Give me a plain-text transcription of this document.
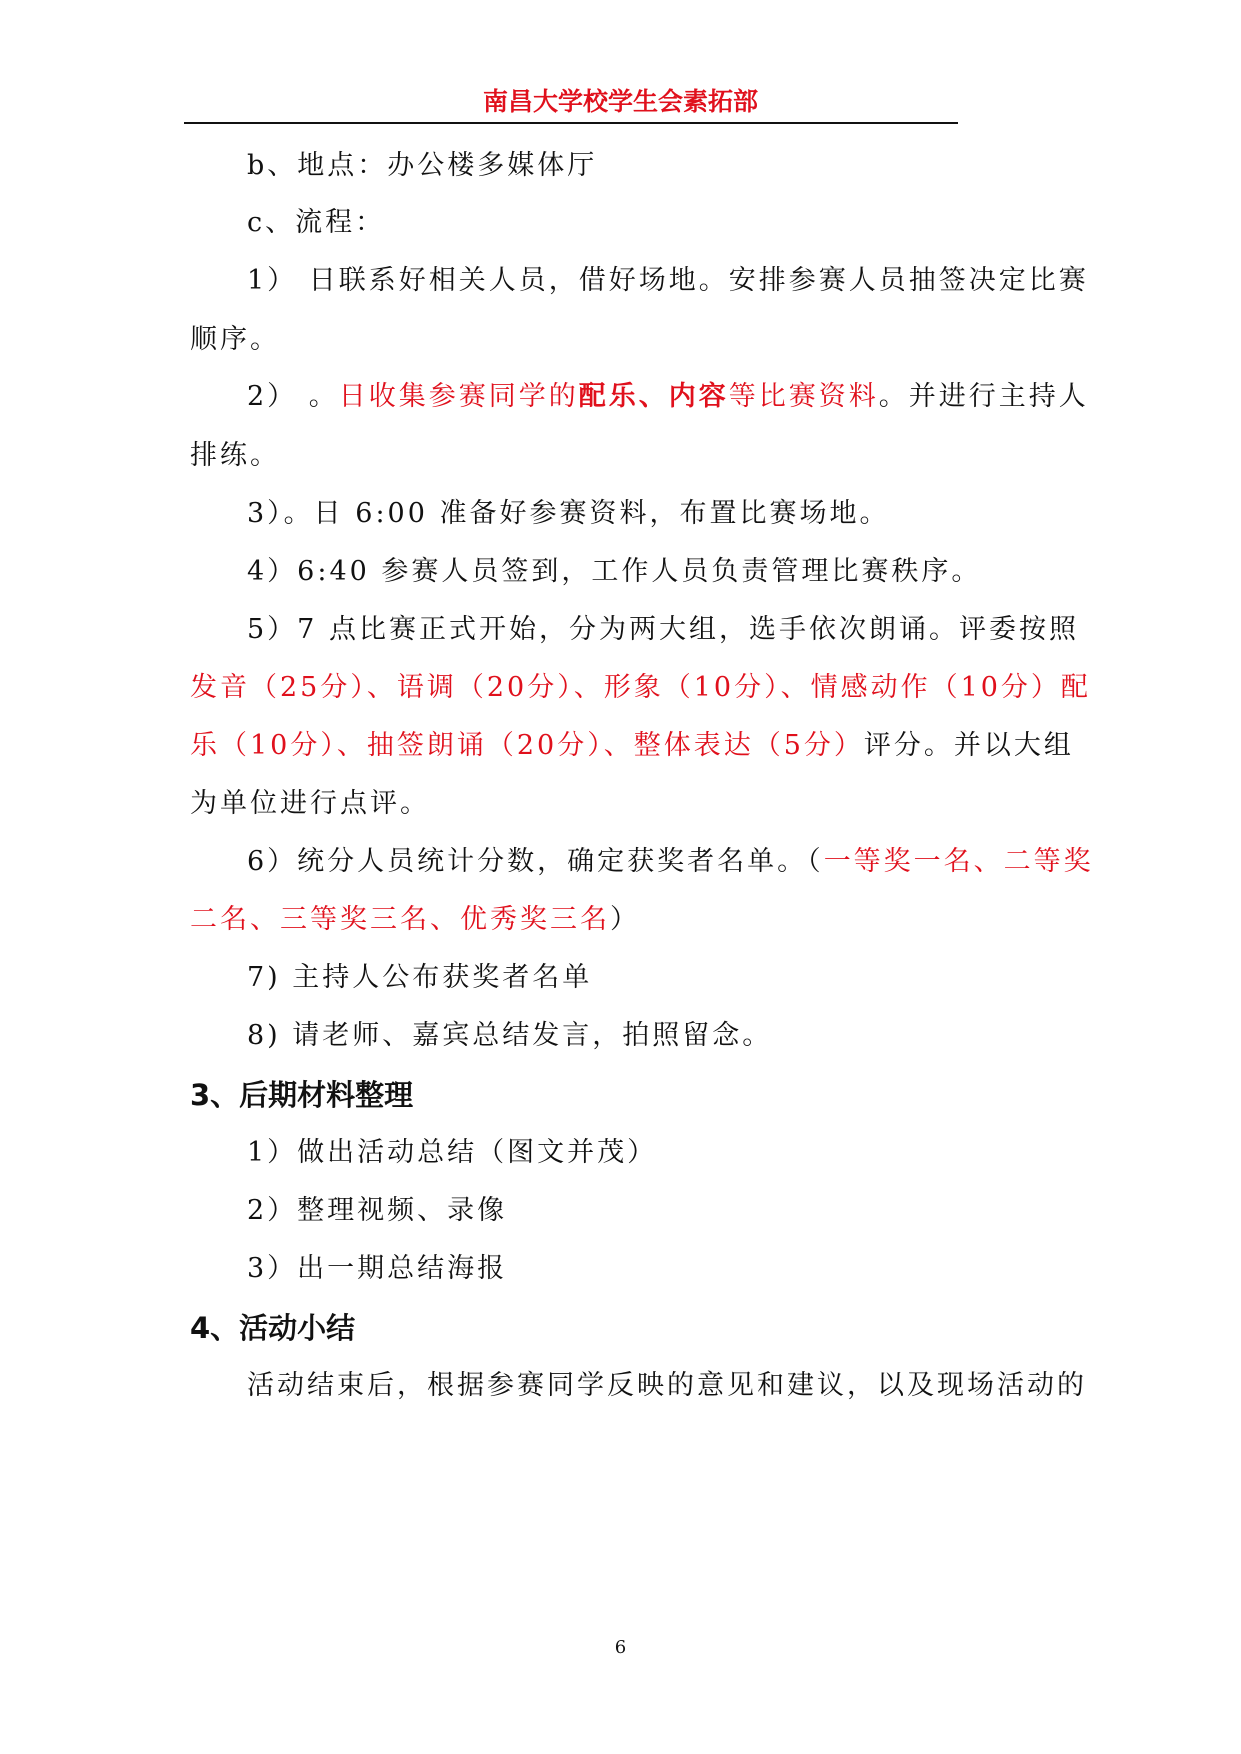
南昌大学校学生会素拓部
b、地点：办公楼多媒体厅
c、流程：
1） 日联系好相关人员，借好场地。安排参赛人员抽签决定比赛
顺序。
2） 。日收集参赛同学的配乐、内容等比赛资料。并进行主持人
排练。
3）。日 6:00 准备好参赛资料，布置比赛场地。
4）6:40 参赛人员签到，工作人员负责管理比赛秩序。
5）7 点比赛正式开始，分为两大组，选手依次朗诵。评委按照
发音（25分）、语调（20分）、形象（10分）、情感动作（10分）配
乐（10分）、抽签朗诵（20分）、整体表达（5分）评分。并以大组
为单位进行点评。
6）统分人员统计分数，确定获奖者名单。（一等奖一名、二等奖
二名、三等奖三名、优秀奖三名）
7) 主持人公布获奖者名单
8) 请老师、嘉宾总结发言，拍照留念。
3、后期材料整理
1）做出活动总结（图文并茂）
2）整理视频、录像
3）出一期总结海报
4、活动小结
活动结束后，根据参赛同学反映的意见和建议，以及现场活动的
6
